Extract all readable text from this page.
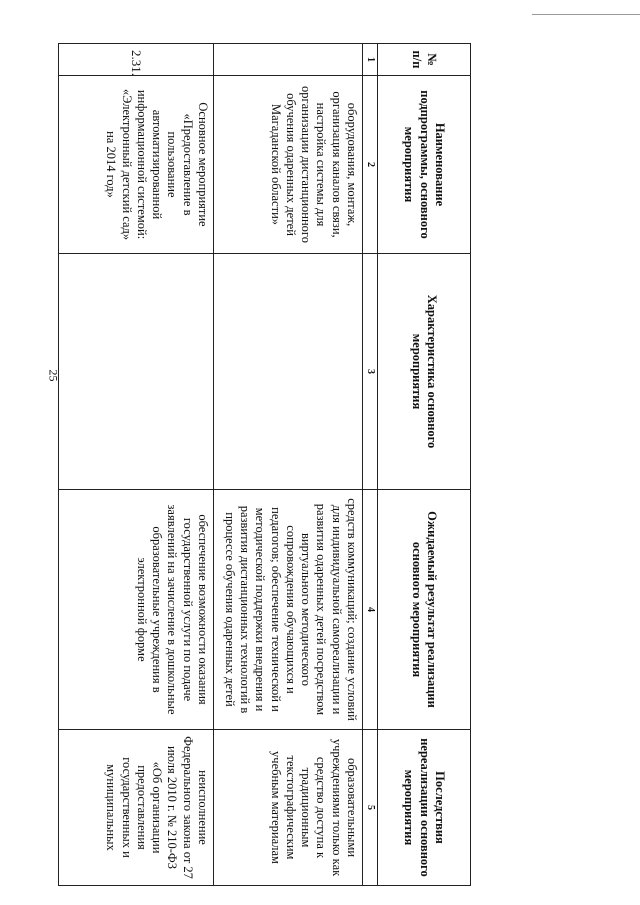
25
№ п/п	Наименование подпрограммы, основного мероприятия	Характеристика основного мероприятия	Ожидаемый результат реализации основного мероприятия	Последствия нереализации основного мероприятия
1	2	3	4	5
	оборудования, монтаж, организация каналов связи, настройка системы для организации дистанционного обучения одаренных детей Магаданской области»		средств коммуникаций; создание условий для индивидуальной самореализации и развития одаренных детей посредством виртуального методического сопровождения обучающихся и педагогов; обеспечение технической и методической поддержки внедрения и развития дистанционных технологий в процессе обучения одаренных детей	образовательными учреждениями только как средство доступа к традиционным текстографическим учебным материалам
2.31.	Основное мероприятие «Предоставление в пользование автоматизированной информационной системой: «Электронный детский сад» на 2014 год»		обеспечение возможности оказания государственной услуги по подаче заявлений на зачисление в дошкольные образовательные учреждения в электронной форме	неисполнение Федерального закона от 27 июля 2010 г. № 210-ФЗ «Об организации предоставления государственных и муниципальных
